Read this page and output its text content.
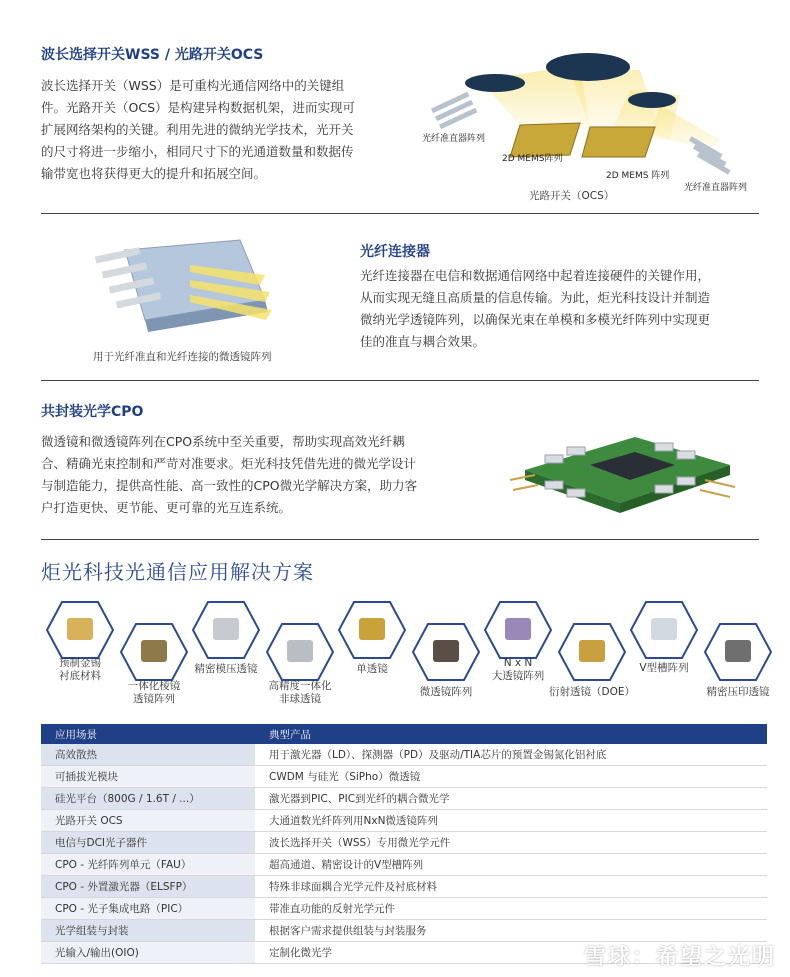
波长选择开关WSS / 光路开关OCS
波长选择开关（WSS）是可重构光通信网络中的关键组
件。光路开关（OCS）是构建异构数据机架，进而实现可
扩展网络架构的关键。利用先进的微纳光学技术，光开关
的尺寸将进一步缩小，相同尺寸下的光通道数量和数据传
输带宽也将获得更大的提升和拓展空间。
光纤准直器阵列
2D MEMS阵列
2D MEMS 阵列
光纤准直器阵列
光路开关（OCS）
用于光纤准直和光纤连接的微透镜阵列
光纤连接器
光纤连接器在电信和数据通信网络中起着连接硬件的关键作用，
从而实现无缝且高质量的信息传输。为此，炬光科技设计并制造
微纳光学透镜阵列，以确保光束在单模和多模光纤阵列中实现更
佳的准直与耦合效果。
共封装光学CPO
微透镜和微透镜阵列在CPO系统中至关重要，帮助实现高效光纤耦
合、精确光束控制和严苛对准要求。炬光科技凭借先进的微光学设计
与制造能力，提供高性能、高一致性的CPO微光学解决方案，助力客
户打造更快、更节能、更可靠的光互连系统。
炬光科技光通信应用解决方案
预制金锡
衬底材料
一体化棱镜
透镜阵列
精密模压透镜
高精度一体化
非球透镜
单透镜
微透镜阵列
N x N
大透镜阵列
衍射透镜（DOE）
V型槽阵列
精密压印透镜
应用场景	典型产品
高效散热	用于激光器（LD）、探测器（PD）及驱动/TIA芯片的预置金锡氮化铝衬底
可插拔光模块	CWDM 与硅光（SiPho）微透镜
硅光平台（800G / 1.6T / ...）	激光器到PIC、PIC到光纤的耦合微光学
光路开关 OCS	大通道数光纤阵列用NxN微透镜阵列
电信与DCI光子器件	波长选择开关（WSS）专用微光学元件
CPO - 光纤阵列单元（FAU）	超高通道、精密设计的V型槽阵列
CPO - 外置激光器（ELSFP）	特殊非球面耦合光学元件及衬底材料
CPO - 光子集成电路（PIC）	带准直功能的反射光学元件
光学组装与封装	根据客户需求提供组装与封装服务
光输入/输出(OIO)	定制化微光学	雪球：希望之光明
